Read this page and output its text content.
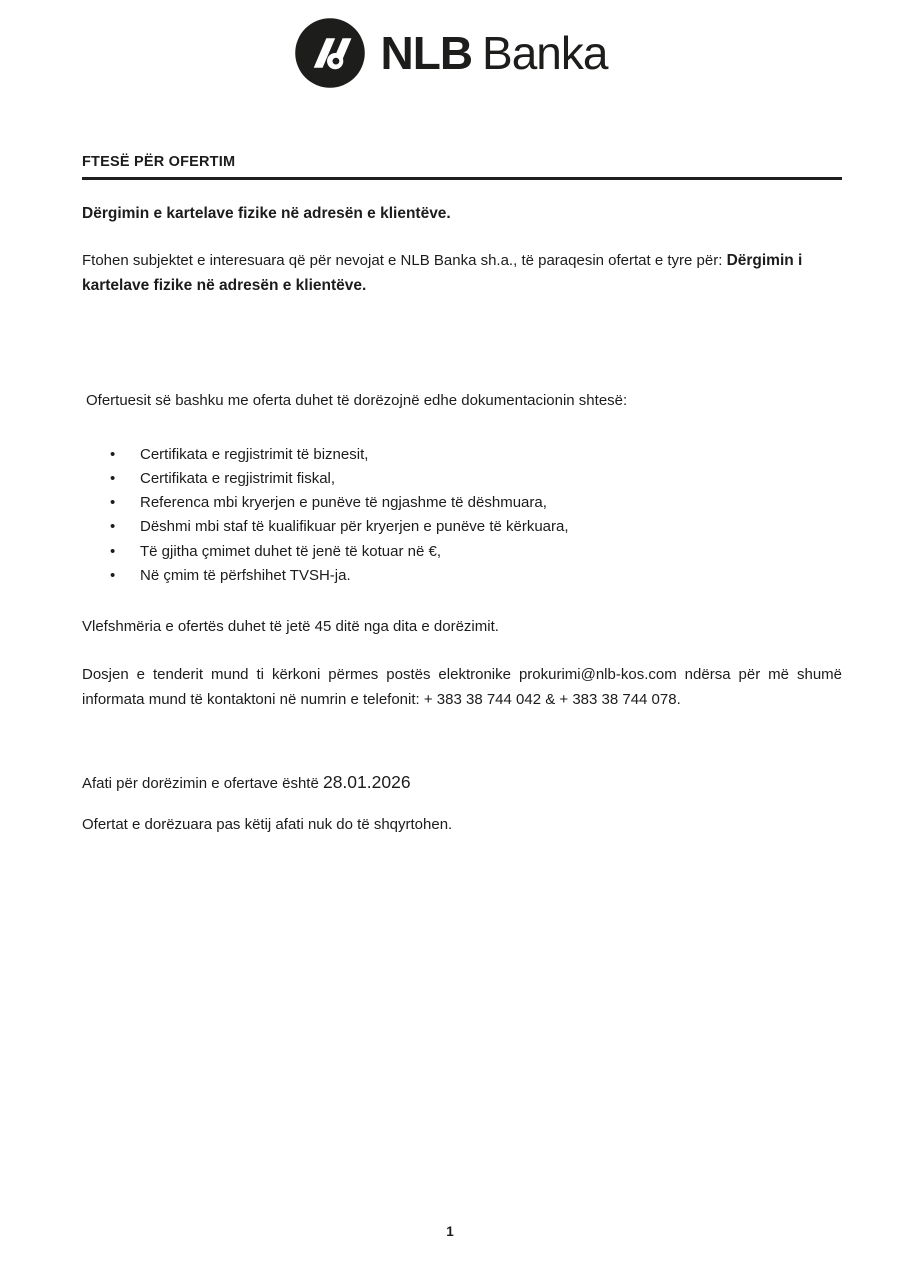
NLB Banka
FTESË PËR OFERTIM
Dërgimin e kartelave fizike në adresën e klientëve.

Ftohen subjektet e interesuara që për nevojat e NLB Banka sh.a., të paraqesin ofertat e tyre për: Dërgimin i kartelave fizike në adresën e klientëve.

Ofertuesit së bashku me oferta duhet të dorëzojnë edhe dokumentacionin shtesë:

• Certifikata e regjistrimit të biznesit,
• Certifikata e regjistrimit fiskal,
• Referenca mbi kryerjen e punëve të ngjashme të dëshmuara,
• Dëshmi mbi staf të kualifikuar për kryerjen e punëve të kërkuara,
• Të gjitha çmimet duhet të jenë të kotuar në €,
• Në çmim të përfshihet TVSH-ja.

Vlefshmëria e ofertës duhet të jetë 45 ditë nga dita e dorëzimit.

Dosjen e tenderit mund ti kërkoni përmes postës elektronike prokurimi@nlb-kos.com ndërsa për më shumë informata mund të kontaktoni në numrin e telefonit: + 383 38 744 042 & + 383 38 744 078.

Afati për dorëzimin e ofertave është 28.01.2026

Ofertat e dorëzuara pas këtij afati nuk do të shqyrtohen.

1
